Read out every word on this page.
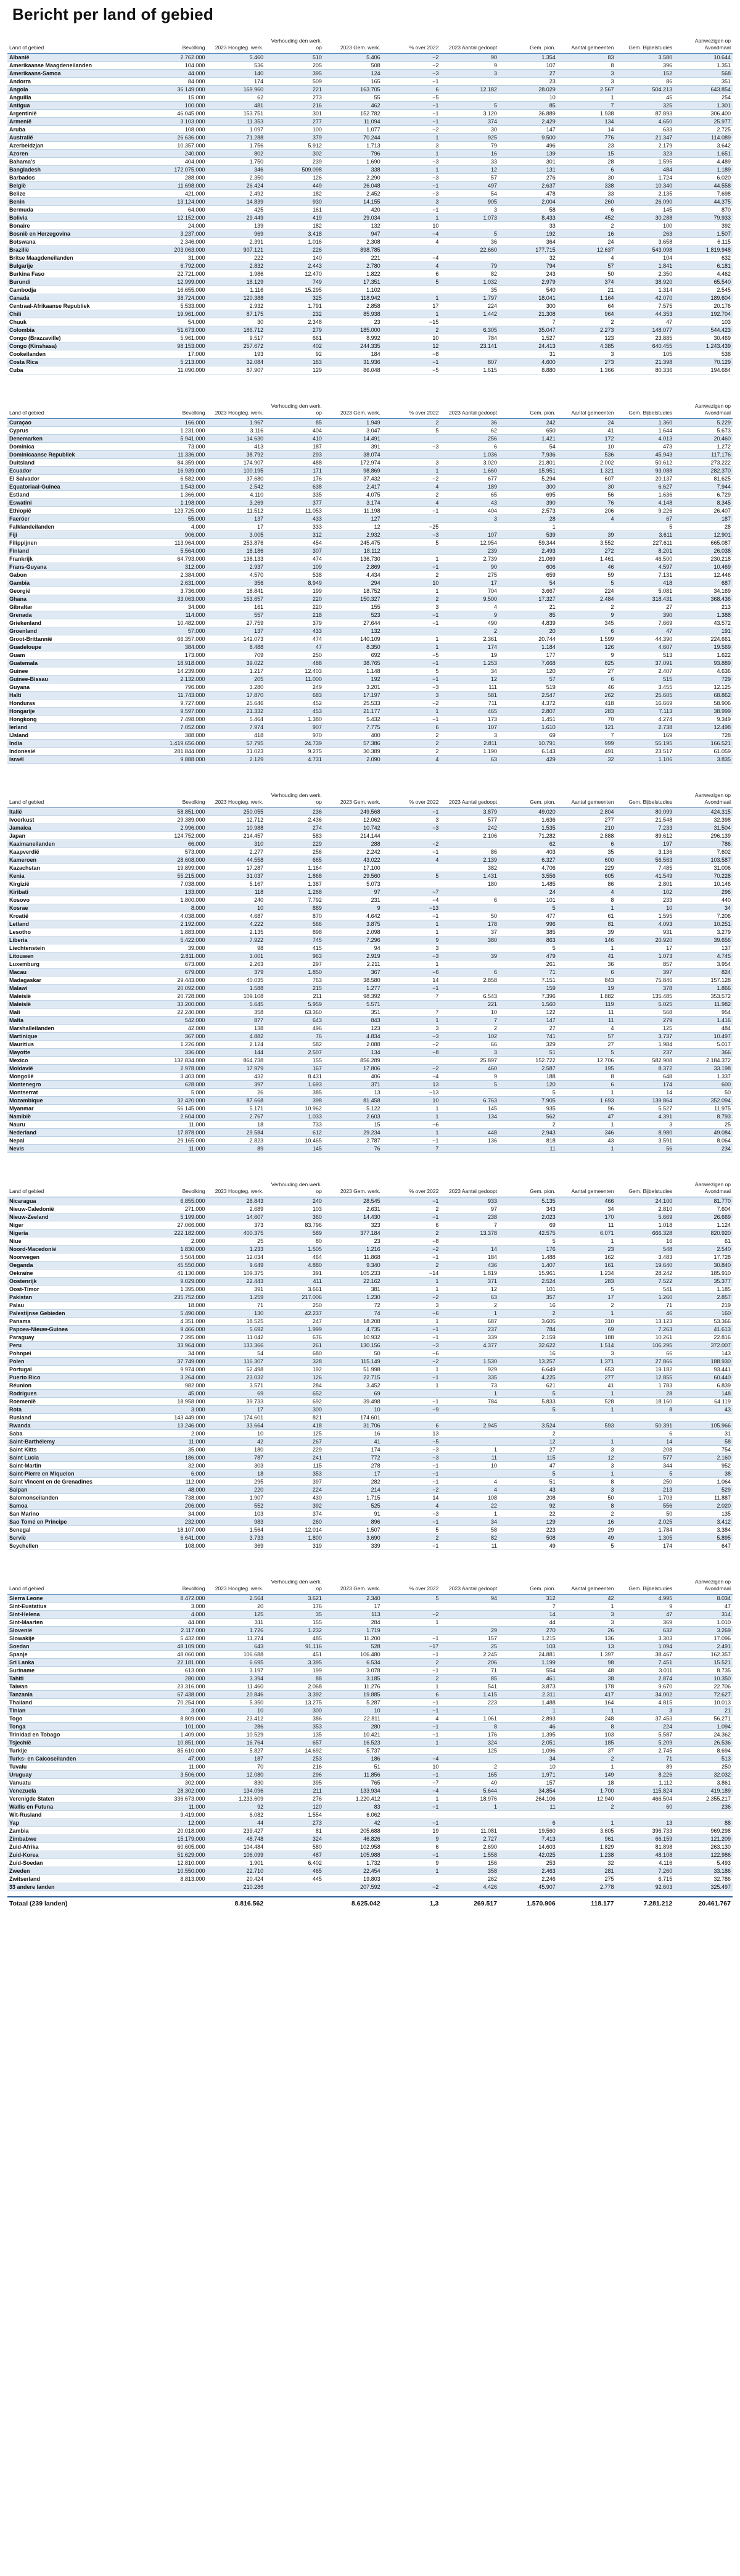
Bericht per land of gebied
Land of gebied	Bevolking	2023 Hoogteg. werk.	Verhouding den werk. op	2023 Gem. werk.	% over 2022	2023 Aantal gedoopt	Gem. pion.	Aantal gemeenten	Gem. Bijbelstudies	Aanwezigen op Avondmaal
Albanië	2.762.000	5.460	510	5.406	−2	90	1.354	83	3.580	10.644
Amerikaanse Maagdeneilanden	104.000	536	205	508	−2	9	107	8	396	1.351
Amerikaans-Samoa	44.000	140	395	124	−3	3	27	3	152	568
Andorra	84.000	174	509	165	−1		23	3	86	351
Angola	36.149.000	169.960	221	163.705	6	12.182	28.029	2.567	504.213	643.854
Anguilla	15.000	62	273	55	−5		10	1	45	254
Antigua	100.000	481	216	462	−1	5	85	7	325	1.301
Argentinië	46.045.000	153.751	301	152.782	−1	3.120	36.889	1.938	87.893	306.400
Armenië	3.103.000	11.353	277	11.094	−1	374	2.429	134	4.650	25.977
Aruba	108.000	1.097	100	1.077	−2	30	147	14	633	2.725
Australië	26.636.000	71.288	379	70.244	1	925	9.500	776	21.347	114.089
Azerbeidzjan	10.357.000	1.756	5.912	1.713	3	79	496	23	2.179	3.642
Azoren	240.000	802	302	796	1	16	139	15	323	1.651
Bahama's	404.000	1.750	239	1.690	−3	33	301	28	1.595	4.489
Bangladesh	172.075.000	346	509.098	338	1	12	131	6	484	1.189
Barbados	288.000	2.350	126	2.290	−3	57	276	30	1.724	6.020
België	11.698.000	26.424	449	26.048	−1	497	2.637	338	10.340	44.558
Belize	421.000	2.492	182	2.452	−3	54	478	33	2.135	7.698
Benin	13.124.000	14.839	930	14.155	3	905	2.004	260	26.090	44.375
Bermuda	64.000	425	161	420	−1	3	58	6	145	870
Bolivia	12.152.000	29.449	419	29.034	1	1.073	8.433	452	30.288	79.933
Bonaire	24.000	139	182	132	10		33	2	100	392
Bosnië en Herzegovina	3.237.000	969	3.418	947	−4	5	192	16	263	1.507
Botswana	2.346.000	2.391	1.016	2.308	4	36	364	24	3.658	6.115
Brazilië	203.063.000	907.121	226	898.785		22.660	177.715	12.637	543.098	1.819.948
Britse Maagdeneilanden	31.000	222	140	221	−4		32	4	104	632
Bulgarije	6.792.000	2.832	2.443	2.780	4	79	794	57	1.841	6.181
Burkina Faso	22.721.000	1.986	12.470	1.822	6	82	243	50	2.350	4.462
Burundi	12.999.000	18.129	749	17.351	5	1.032	2.979	374	38.920	65.540
Cambodja	16.655.000	1.116	15.295	1.102		35	540	21	1.314	2.545
Canada	38.724.000	120.388	325	118.942	1	1.797	18.041	1.164	42.070	189.604
Centraal-Afrikaanse Republiek	5.533.000	2.932	1.791	2.858	17	224	300	64	7.575	20.176
Chili	19.961.000	87.175	232	85.938	1	1.442	21.308	964	44.353	192.704
Chuuk	54.000	30	2.348	23	−15		7	2	47	103
Colombia	51.673.000	186.712	279	185.000	2	6.305	35.047	2.273	148.077	544.423
Congo (Brazzaville)	5.961.000	9.517	661	8.992	10	784	1.527	123	23.885	30.469
Congo (Kinshasa)	98.153.000	257.672	402	244.335	12	23.141	24.413	4.385	640.455	1.243.439
Cookeilanden	17.000	193	92	184	−8		31	3	105	538
Costa Rica	5.213.000	32.084	163	31.936	−1	807	4.600	273	21.398	70.129
Cuba	11.090.000	87.907	129	86.048	−5	1.615	8.880	1.366	80.336	194.684
Land of gebied	Bevolking	2023 Hoogteg. werk.	Verhouding den werk. op	2023 Gem. werk.	% over 2022	2023 Aantal gedoopt	Gem. pion.	Aantal gemeenten	Gem. Bijbelstudies	Aanwezigen op Avondmaal
Curaçao	166.000	1.967	85	1.949	2	36	242	24	1.360	5.229
Cyprus	1.231.000	3.116	404	3.047	5	62	650	41	1.644	5.673
Denemarken	5.941.000	14.630	410	14.491		256	1.421	172	4.013	20.460
Dominica	73.000	413	187	391	−3	6	54	10	473	1.272
Dominicaanse Republiek	11.336.000	38.792	293	38.074		1.036	7.936	536	45.943	117.176
Duitsland	84.359.000	174.907	488	172.974	3	3.020	21.801	2.002	50.612	273.222
Ecuador	16.939.000	100.195	171	98.869	1	1.660	15.951	1.321	93.088	282.370
El Salvador	6.582.000	37.680	176	37.432	−2	677	5.294	607	20.137	81.625
Equatoriaal-Guinea	1.543.000	2.542	638	2.417	4	189	300	30	6.627	7.944
Estland	1.366.000	4.110	335	4.075	2	65	695	56	1.636	6.729
Eswatini	1.198.000	3.269	377	3.174	4	43	390	76	4.148	8.345
Ethiopië	123.725.000	11.512	11.053	11.198	−1	404	2.573	206	9.226	26.407
Faeröer	55.000	137	433	127		3	28	4	67	187
Falklandeilanden	4.000	17	333	12	−25		1		5	28
Fiji	906.000	3.005	312	2.932	−3	107	539	39	3.611	12.901
Filippijnen	113.964.000	253.876	454	245.475	5	12.954	59.344	3.552	227.611	665.087
Finland	5.564.000	18.186	307	18.112		239	2.493	272	8.201	26.038
Frankrijk	64.793.000	138.133	474	136.730	1	2.739	21.069	1.461	46.500	230.218
Frans-Guyana	312.000	2.937	109	2.869	−1	90	606	46	4.597	10.469
Gabon	2.384.000	4.570	538	4.434	2	275	659	59	7.131	12.446
Gambia	2.631.000	356	8.949	294	10	17	54	5	418	687
Georgië	3.736.000	18.841	199	18.752	1	704	3.667	224	5.081	34.169
Ghana	33.063.000	153.657	220	150.327	2	9.500	17.327	2.484	318.431	368.436
Gibraltar	34.000	161	220	155	3	4	21	2	27	213
Grenada	114.000	557	218	523	−1	9	85	9	390	1.388
Griekenland	10.482.000	27.759	379	27.644	−1	490	4.839	345	7.669	43.572
Groenland	57.000	137	433	132		2	20	6	47	191
Groot-Brittannië	66.357.000	142.073	474	140.109	1	2.361	20.744	1.599	44.390	224.661
Guadeloupe	384.000	8.488	47	8.350	1	174	1.184	126	4.607	19.569
Guam	173.000	709	250	692	−5	19	177	9	513	1.622
Guatemala	18.918.000	39.022	488	38.765	−1	1.253	7.668	825	37.091	93.889
Guinee	14.239.000	1.217	12.403	1.148	5	34	120	27	2.407	4.636
Guinee-Bissau	2.132.000	205	11.000	192	−1	12	57	6	515	729
Guyana	796.000	3.280	249	3.201	−3	111	519	46	3.455	12.125
Haïti	11.743.000	17.870	683	17.197	3	581	2.547	262	25.605	68.862
Honduras	9.727.000	25.646	452	25.533	−2	711	4.372	418	16.669	58.906
Hongarije	9.597.000	21.332	453	21.177	1	465	2.807	283	7.113	38.999
Hongkong	7.498.000	5.464	1.380	5.432	−1	173	1.451	70	4.274	9.349
Ierland	7.052.000	7.974	907	7.775	6	107	1.610	121	2.738	12.498
IJsland	388.000	418	970	400	2	3	69	7	169	728
India	1.419.656.000	57.795	24.739	57.386	2	2.811	10.791	999	55.195	166.521
Indonesië	281.844.000	31.023	9.275	30.389	2	1.190	6.143	491	23.517	61.059
Israël	9.888.000	2.129	4.731	2.090	4	63	429	32	1.106	3.835
Land of gebied	Bevolking	2023 Hoogteg. werk.	Verhouding den werk. op	2023 Gem. werk.	% over 2022	2023 Aantal gedoopt	Gem. pion.	Aantal gemeenten	Gem. Bijbelstudies	Aanwezigen op Avondmaal
Italië	58.851.000	250.055	236	249.568	−1	3.879	49.020	2.804	80.099	424.315
Ivoorkust	29.389.000	12.712	2.436	12.062	3	577	1.636	277	21.548	32.398
Jamaica	2.996.000	10.988	274	10.742	−3	242	1.535	210	7.233	31.504
Japan	124.752.000	214.457	583	214.144		2.106	71.282	2.888	89.612	296.139
Kaaimaneilanden	66.000	310	229	288	−2		62	6	197	786
Kaapverdië	573.000	2.277	256	2.242	−1	86	403	35	3.136	7.602
Kameroen	28.608.000	44.558	665	43.022	4	2.139	6.327	600	56.563	103.587
Kazachstan	19.899.000	17.287	1.164	17.100		382	4.706	229	7.485	31.006
Kenia	55.215.000	31.037	1.868	29.560	5	1.431	3.556	605	41.549	70.228
Kirgizië	7.038.000	5.167	1.387	5.073		180	1.485	86	2.801	10.146
Kiribati	133.000	118	1.268	97	−7		24	4	102	296
Kosovo	1.800.000	240	7.792	231	−4	6	101	8	233	440
Kosrae	8.000	10	889	9	−13		5	1	10	34
Kroatië	4.038.000	4.687	870	4.642	−1	50	477	61	1.595	7.206
Letland	2.192.000	4.222	566	3.875	1	178	996	81	4.093	10.251
Lesotho	1.883.000	2.135	898	2.098	1	37	385	39	931	3.279
Liberia	5.422.000	7.922	745	7.296	9	380	863	146	20.920	39.656
Liechtenstein	39.000	98	415	94	3		5	1	17	137
Litouwen	2.811.000	3.001	963	2.919	−3	39	479	41	1.073	4.745
Luxemburg	673.000	2.263	297	2.211	1		261	36	857	3.954
Macau	679.000	379	1.850	367	−6	6	71	6	397	824
Madagaskar	29.443.000	40.035	763	38.580	14	2.858	7.151	843	75.846	157.128
Malawi	20.092.000	1.588	215	1.277	−1		159	19	378	1.866
Maleisië	20.728.000	109.108	211	98.392	7	6.543	7.396	1.882	135.485	353.572
Maleisië	33.200.000	5.645	5.959	5.571		221	1.560	119	5.025	11.982
Mali	22.240.000	358	63.360	351	7	10	122	11	568	954
Malta	542.000	877	643	843	1	7	147	11	279	1.416
Marshalleilanden	42.000	138	496	123	3	2	27	4	125	484
Martinique	367.000	4.882	76	4.834	−3	102	741	57	3.737	10.497
Mauritius	1.226.000	2.124	582	2.088	−2	66	329	27	1.984	5.017
Mayotte	336.000	144	2.507	134	−8	3	51	5	237	366
Mexico	132.834.000	864.738	155	856.289		25.897	152.722	12.706	582.908	2.184.372
Moldavië	2.978.000	17.979	167	17.806	−2	460	2.587	195	8.372	33.198
Mongolië	3.403.000	432	8.431	406	−4	9	188	8	648	1.337
Montenegro	628.000	397	1.693	371	13	5	120	6	174	600
Montserrat	5.000	26	385	13	−13		5	1	14	50
Mozambique	32.420.000	87.668	398	81.458	10	6.763	7.905	1.693	139.864	352.094
Myanmar	56.145.000	5.171	10.962	5.122	1	145	935	96	5.527	11.975
Namibië	2.604.000	2.767	1.033	2.603	1	134	562	47	4.391	8.793
Nauru	11.000	18	733	15	−6		2	1	3	25
Nederland	17.878.000	29.584	612	29.234	1	448	2.943	346	8.980	49.084
Nepal	29.165.000	2.823	10.465	2.787	−1	136	818	43	3.591	8.064
Nevis	11.000	89	145	76	7		11	1	56	234
Land of gebied	Bevolking	2023 Hoogteg. werk.	Verhouding den werk. op	2023 Gem. werk.	% over 2022	2023 Aantal gedoopt	Gem. pion.	Aantal gemeenten	Gem. Bijbelstudies	Aanwezigen op Avondmaal
Nicaragua	6.855.000	28.843	240	28.545	−1	933	5.135	466	24.100	81.770
Nieuw-Caledonië	271.000	2.689	103	2.631	2	97	343	34	2.810	7.604
Nieuw-Zeeland	5.199.000	14.607	360	14.430	−1	238	2.023	170	5.669	26.669
Niger	27.066.000	373	83.796	323	6	7	69	11	1.018	1.124
Nigeria	222.182.000	400.375	589	377.184	2	13.378	42.575	6.071	666.328	820.920
Niue	2.000	25	80	23	−8		5	1	16	61
Noord-Macedonië	1.830.000	1.233	1.505	1.216	−2	14	176	23	548	2.540
Noorwegen	5.504.000	12.034	464	11.868	−1	184	1.488	162	3.483	17.728
Oeganda	45.550.000	9.649	4.880	9.340	2	436	1.407	161	19.640	30.840
Oekraïne	41.130.000	109.375	391	105.233	−14	1.819	15.961	1.234	28.242	185.910
Oostenrijk	9.029.000	22.443	411	22.162	1	371	2.524	283	7.522	35.377
Oost-Timor	1.395.000	391	3.661	381	1	12	101	5	541	1.185
Pakistan	235.752.000	1.259	217.006	1.230	−2	63	357	17	1.260	2.857
Palau	18.000	71	250	72	3	2	16	2	71	219
Palestijnse Gebieden	5.490.000	130	42.237	74	−6	1	2	1	46	160
Panama	4.351.000	18.525	247	18.208	1	687	3.605	310	13.123	53.366
Papoea-Nieuw-Guinea	9.466.000	5.692	1.999	4.735	−1	237	784	69	7.263	41.613
Paraguay	7.395.000	11.042	676	10.932	−1	339	2.159	188	10.261	22.816
Peru	33.964.000	133.366	261	130.156	−3	4.377	32.622	1.514	106.295	372.007
Pohnpei	34.000	54	680	50	−6		16	3	66	143
Polen	37.749.000	116.307	328	115.149	−2	1.530	13.257	1.371	27.866	188.930
Portugal	9.974.000	52.498	192	51.998	1	929	6.649	653	19.182	93.441
Puerto Rico	3.264.000	23.032	126	22.715	−1	335	4.225	277	12.855	60.440
Réunion	982.000	3.571	284	3.452	1	73	621	41	1.783	6.839
Rodrigues	45.000	69	652	69		1	5	1	28	148
Roemenië	18.958.000	39.733	692	39.498	−1	784	5.833	528	18.160	64.119
Rota	3.000	17	300	10	−9		5	1	8	43
Rusland	143.449.000	174.601	821	174.601						
Rwanda	13.246.000	33.664	418	31.706	6	2.945	3.524	593	50.391	105.966
Saba	2.000	10	125	16	13		2		6	31
Saint-Barthélemy	11.000	42	267	41	−5		12	1	14	58
Saint Kitts	35.000	180	229	174	−3	1	27	3	208	754
Saint Lucia	186.000	787	241	772	−3	11	115	12	577	2.160
Saint-Martin	32.000	303	115	278	−1	10	47	3	344	952
Saint-Pierre en Miquelon	6.000	18	353	17	−1		5	1	5	38
Saint Vincent en de Grenadines	112.000	295	397	282	−1	4	51	8	250	1.064
Saipan	48.000	220	224	214	−2	4	43	3	213	529
Salomonseilanden	738.000	1.907	430	1.715	14	108	208	50	1.703	11.887
Samoa	206.000	552	392	525	4	22	92	8	556	2.020
San Marino	34.000	103	374	91	−3	1	22	2	50	135
Sao Tomé en Principe	232.000	983	260	896	−1	34	129	16	2.025	3.412
Senegal	18.107.000	1.564	12.014	1.507	5	58	223	29	1.784	3.384
Servië	6.641.000	3.733	1.800	3.690	2	82	508	49	1.305	5.895
Seychellen	108.000	369	319	339	−1	11	49	5	174	647
Land of gebied	Bevolking	2023 Hoogteg. werk.	Verhouding den werk. op	2023 Gem. werk.	% over 2022	2023 Aantal gedoopt	Gem. pion.	Aantal gemeenten	Gem. Bijbelstudies	Aanwezigen op Avondmaal
Sierra Leone	8.472.000	2.564	3.621	2.340	5	94	312	42	4.995	8.034
Sint-Eustatius	3.000	20	176	17			7	1	9	47
Sint-Helena	4.000	125	35	113	−2		14	3	47	314
Sint-Maarten	44.000	311	155	284	1		44	3	369	1.010
Slovenië	2.117.000	1.726	1.232	1.719		29	270	26	632	3.269
Slowakije	5.432.000	11.274	485	11.200	−1	157	1.215	136	3.303	17.096
Soedan	48.109.000	643	91.116	528	−17	25	103	13	1.094	2.491
Spanje	48.060.000	106.688	451	106.480	−1	2.245	24.881	1.397	38.467	162.357
Sri Lanka	22.181.000	6.695	3.395	6.534	2	206	1.199	98	7.451	15.521
Suriname	613.000	3.197	199	3.078	−1	71	554	48	3.011	8.735
Tahiti	280.000	3.394	88	3.185	2	85	461	38	2.874	10.350
Taiwan	23.316.000	11.460	2.068	11.276	1	541	3.873	178	9.670	22.706
Tanzania	67.438.000	20.846	3.392	19.885	6	1.415	2.311	417	34.002	72.627
Thailand	70.254.000	5.350	13.275	5.287	−1	223	1.488	164	4.815	10.013
Tinian	3.000	10	300	10	−1		1	1	3	21
Togo	8.809.000	23.412	386	22.811	4	1.061	2.893	248	37.453	56.271
Tonga	101.000	286	353	280	−1	8	46	8	224	1.094
Trinidad en Tobago	1.409.000	10.529	135	10.421	−1	176	1.395	103	5.587	24.362
Tsjechië	10.851.000	16.764	657	16.523	1	324	2.051	185	5.209	26.536
Turkije	85.610.000	5.827	14.692	5.737		125	1.096	37	2.745	8.694
Turks- en Caicoseilanden	47.000	187	253	186	−4		34	2	71	513
Tuvalu	11.000	70	216	51	10	2	10	1	89	250
Uruguay	3.506.000	12.080	296	11.856	−1	165	1.971	149	8.226	32.032
Vanuatu	302.000	830	395	765	−7	40	157	18	1.112	3.861
Venezuela	28.302.000	134.096	211	133.934	−4	5.644	34.854	1.700	115.824	419.189
Verenigde Staten	336.673.000	1.233.609	276	1.220.412	1	18.976	264.106	12.940	466.504	2.355.217
Wallis en Futuna	11.000	92	120	83	−1	1	11	2	60	236
Wit-Rusland	9.419.000	6.082	1.554	6.062						
Yap	12.000	44	273	42	−1		6	1	13	88
Zambia	20.018.000	239.427	81	205.688	19	11.081	19.560	3.605	396.733	969.298
Zimbabwe	15.179.000	48.748	324	46.826	9	2.727	7.413	961	66.159	121.209
Zuid-Afrika	60.605.000	104.484	580	102.958	6	2.690	14.603	1.829	81.898	263.130
Zuid-Korea	51.629.000	106.099	487	105.988	−1	1.558	42.025	1.238	48.108	122.986
Zuid-Soedan	12.810.000	1.901	6.402	1.732	9	156	253	32	4.116	5.493
Zweden	10.550.000	22.710	465	22.454	1	358	2.463	281	7.260	33.186
Zwitserland	8.813.000	20.424	445	19.803		262	2.246	275	6.715	32.786
33 andere landen		210.286		207.592	−2	4.426	45.907	2.778	92.603	325.497
Totaal (239 landen)		8.816.562		8.625.042	1,3	269.517	1.570.906	118.177	7.281.212	20.461.767
